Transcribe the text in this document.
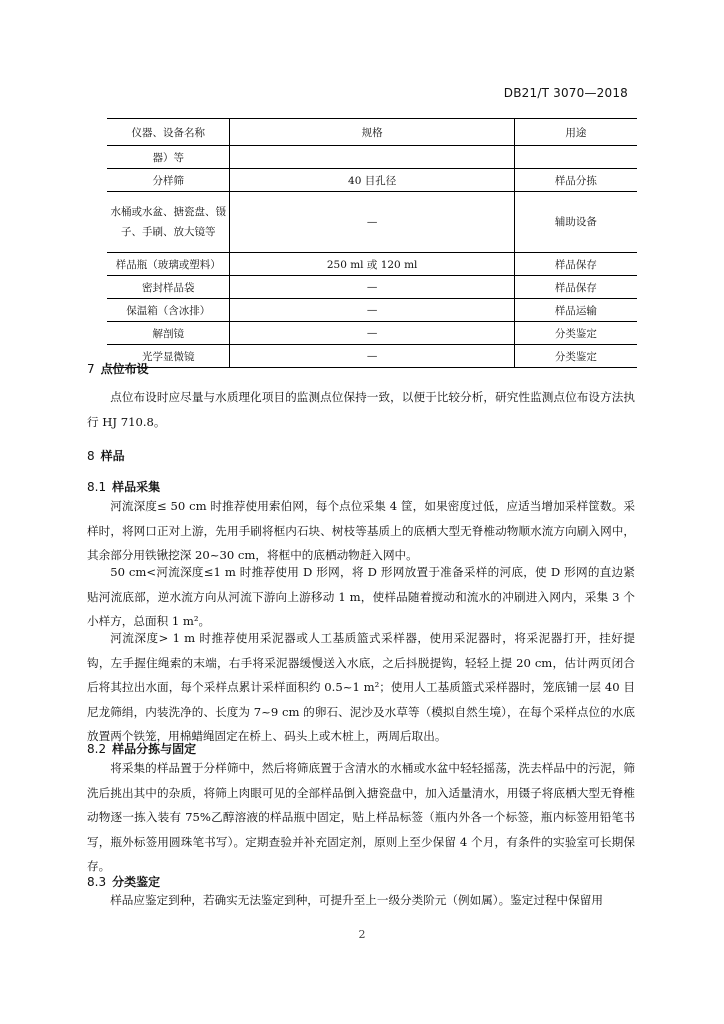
DB21/T 3070—2018
仪器、设备名称	规格	用途
器）等		
分样筛	40 目孔径	样品分拣
水桶或水盆、搪瓷盘、镊子、手刷、放大镜等	—	辅助设备
样品瓶（玻璃或塑料）	250 ml 或 120 ml	样品保存
密封样品袋	—	样品保存
保温箱（含冰排）	—	样品运输
解剖镜	—	分类鉴定
光学显微镜	—	分类鉴定
7 点位布设
点位布设时应尽量与水质理化项目的监测点位保持一致，以便于比较分析，研究性监测点位布设方法执行 HJ 710.8。
8 样品
8.1 样品采集
河流深度≤ 50 cm 时推荐使用索伯网，每个点位采集 4 筐，如果密度过低，应适当增加采样筐数。采样时，将网口正对上游，先用手刷将框内石块、树枝等基质上的底栖大型无脊椎动物顺水流方向刷入网中，其余部分用铁锹挖深 20~30 cm，将框中的底栖动物赶入网中。
50 cm<河流深度≤1 m 时推荐使用 D 形网，将 D 形网放置于准备采样的河底，使 D 形网的直边紧贴河流底部，逆水流方向从河流下游向上游移动 1 m，使样品随着搅动和流水的冲刷进入网内，采集 3 个小样方，总面积 1 m²。
河流深度> 1 m 时推荐使用采泥器或人工基质篮式采样器，使用采泥器时，将采泥器打开，挂好提钩，左手握住绳索的末端，右手将采泥器缓慢送入水底，之后抖脱提钩，轻轻上提 20 cm，估计两页闭合后将其拉出水面，每个采样点累计采样面积约 0.5~1 m²；使用人工基质篮式采样器时，笼底铺一层 40 目尼龙筛绢，内装洗净的、长度为 7~9 cm 的卵石、泥沙及水草等（模拟自然生境），在每个采样点位的水底放置两个铁笼，用棉蜡绳固定在桥上、码头上或木桩上，两周后取出。
8.2 样品分拣与固定
将采集的样品置于分样筛中，然后将筛底置于含清水的水桶或水盆中轻轻摇荡，洗去样品中的污泥，筛洗后挑出其中的杂质，将筛上肉眼可见的全部样品倒入搪瓷盘中，加入适量清水，用镊子将底栖大型无脊椎动物逐一拣入装有 75%乙醇溶液的样品瓶中固定，贴上样品标签（瓶内外各一个标签，瓶内标签用铅笔书写，瓶外标签用圆珠笔书写）。定期查验并补充固定剂，原则上至少保留 4 个月，有条件的实验室可长期保存。
8.3 分类鉴定
样品应鉴定到种，若确实无法鉴定到种，可提升至上一级分类阶元（例如属）。鉴定过程中保留用
2
